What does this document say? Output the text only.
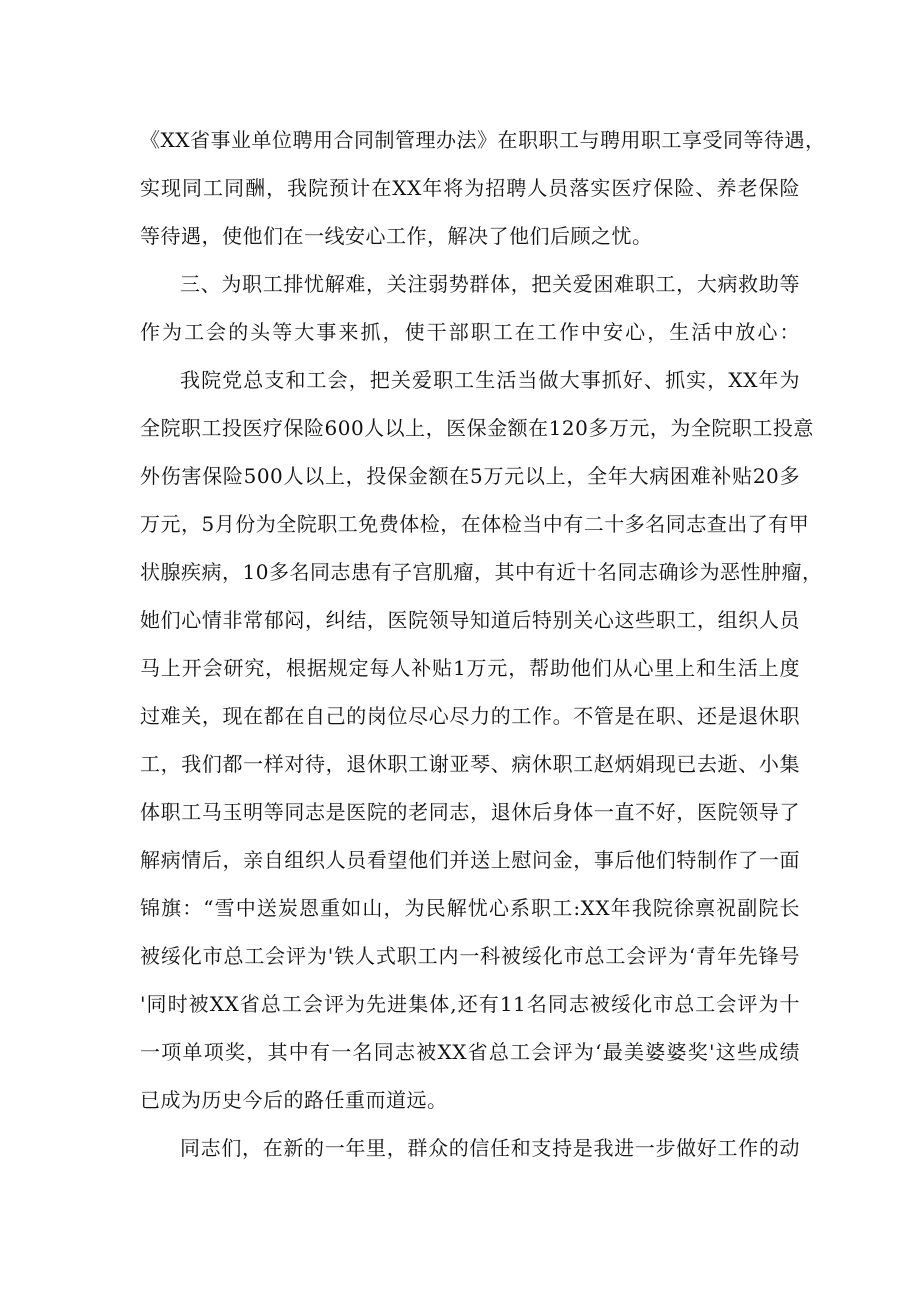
《XX省事业单位聘用合同制管理办法》在职职工与聘用职工享受同等待遇，
实现同工同酬，我院预计在XX年将为招聘人员落实医疗保险、养老保险
等待遇，使他们在一线安心工作，解决了他们后顾之忧。
三、为职工排忧解难，关注弱势群体，把关爱困难职工，大病救助等
作为工会的头等大事来抓，使干部职工在工作中安心，生活中放心：
我院党总支和工会，把关爱职工生活当做大事抓好、抓实，XX年为
全院职工投医疗保险600人以上，医保金额在120多万元，为全院职工投意
外伤害保险500人以上，投保金额在5万元以上，全年大病困难补贴20多
万元，5月份为全院职工免费体检，在体检当中有二十多名同志查出了有甲
状腺疾病，10多名同志患有子宫肌瘤，其中有近十名同志确诊为恶性肿瘤，
她们心情非常郁闷，纠结，医院领导知道后特别关心这些职工，组织人员
马上开会研究，根据规定每人补贴1万元，帮助他们从心里上和生活上度
过难关，现在都在自己的岗位尽心尽力的工作。不管是在职、还是退休职
工，我们都一样对待，退休职工谢亚琴、病休职工赵炳娟现已去逝、小集
体职工马玉明等同志是医院的老同志，退休后身体一直不好，医院领导了
解病情后，亲自组织人员看望他们并送上慰问金，事后他们特制作了一面
锦旗：“雪中送炭恩重如山，为民解忧心系职工:XX年我院徐禀祝副院长
被绥化市总工会评为'铁人式职工内一科被绥化市总工会评为‘青年先锋号
'同时被XX省总工会评为先进集体,还有11名同志被绥化市总工会评为十
一项单项奖，其中有一名同志被XX省总工会评为‘最美婆婆奖'这些成绩
已成为历史今后的路任重而道远。
同志们，在新的一年里，群众的信任和支持是我进一步做好工作的动
